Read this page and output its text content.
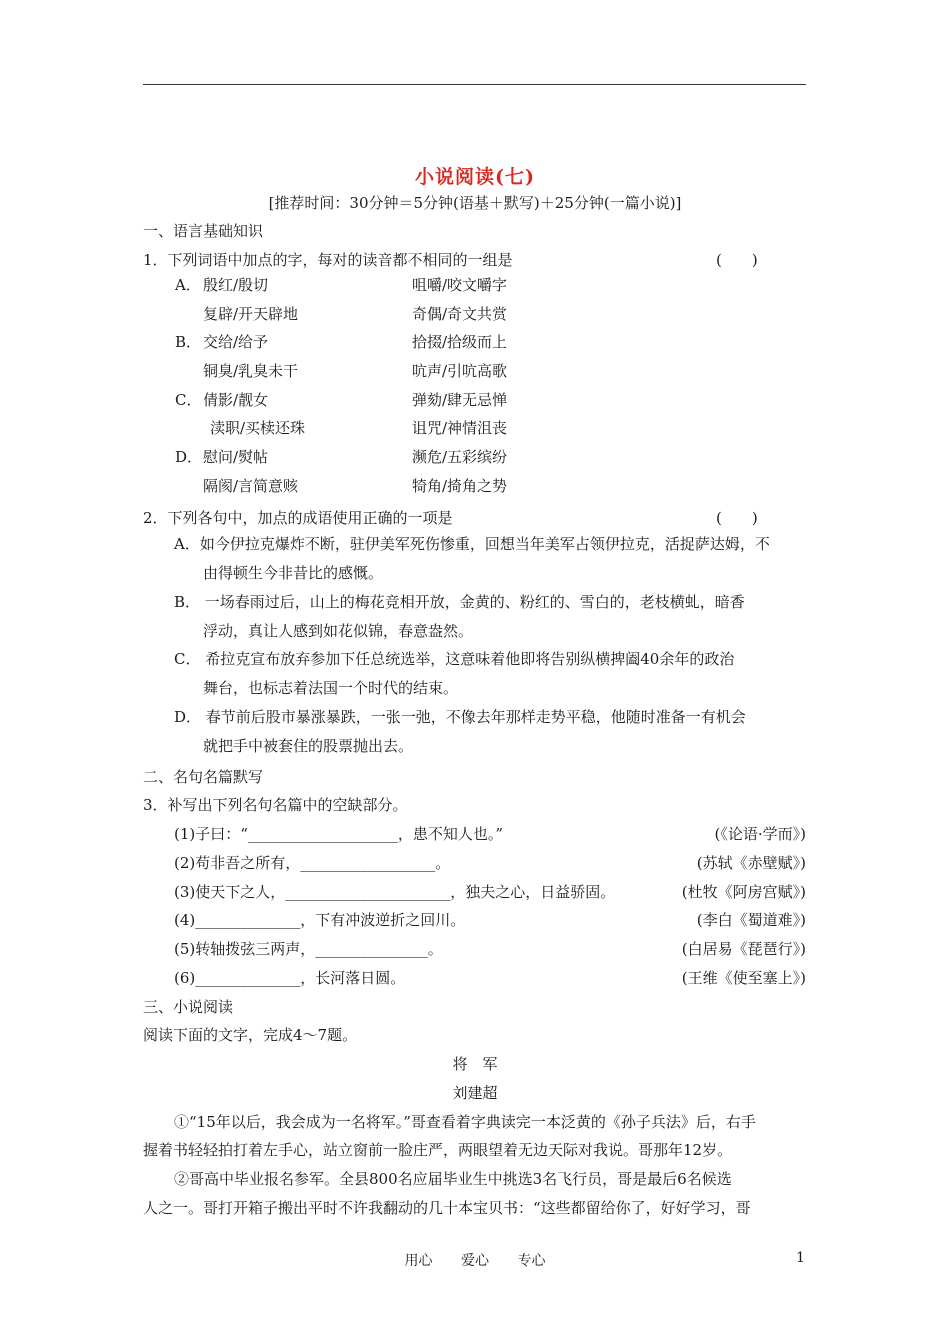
小说阅读(七)
[推荐时间：30分钟＝5分钟(语基＋默写)＋25分钟(一篇小说)]
一、语言基础知识
1．下列词语中加点的字，每对的读音都不相同的一组是	(　　)
A． 殷红/殷切	咀嚼/咬文嚼字
复辟/开天辟地	奇偶/奇文共赏
B． 交给/给予	拾掇/拾级而上
铜臭/乳臭未干	吭声/引吭高歌
C． 倩影/靓女	弹劾/肆无忌惮
渎职/买椟还珠	诅咒/神情沮丧
D． 慰问/熨帖	濒危/五彩缤纷
隔阂/言简意赅	犄角/掎角之势
2．下列各句中，加点的成语使用正确的一项是	(　　)
A．如今伊拉克爆炸不断，驻伊美军死伤惨重，回想当年美军占领伊拉克，活捉萨达姆，不
由得顿生今非昔比的感慨。
B． 一场春雨过后，山上的梅花竞相开放，金黄的、粉红的、雪白的，老枝横虬，暗香
浮动，真让人感到如花似锦，春意盎然。
C． 希拉克宣布放弃参加下任总统选举，这意味着他即将告别纵横捭阖40余年的政治
舞台，也标志着法国一个时代的结束。
D． 春节前后股市暴涨暴跌，一张一弛，不像去年那样走势平稳，他随时准备一有机会
就把手中被套住的股票抛出去。
二、名句名篇默写
3．补写出下列名句名篇中的空缺部分。
(1)子曰：“____________________，患不知人也。”	(《论语·学而》)
(2)苟非吾之所有，__________________。	(苏轼《赤壁赋》)
(3)使天下之人，______________________，独夫之心，日益骄固。	(杜牧《阿房宫赋》)
(4)______________，下有冲波逆折之回川。	(李白《蜀道难》)
(5)转轴拨弦三两声，_______________。	(白居易《琵琶行》)
(6)______________，长河落日圆。	(王维《使至塞上》)
三、小说阅读
阅读下面的文字，完成4～7题。
将　军
刘建超
①“15年以后，我会成为一名将军。”哥查看着字典读完一本泛黄的《孙子兵法》后，右手
握着书轻轻拍打着左手心，站立窗前一脸庄严，两眼望着无边天际对我说。哥那年12岁。
②哥高中毕业报名参军。全县800名应届毕业生中挑选3名飞行员，哥是最后6名候选
人之一。哥打开箱子搬出平时不许我翻动的几十本宝贝书：“这些都留给你了，好好学习，哥
用心 爱心 专心	1
